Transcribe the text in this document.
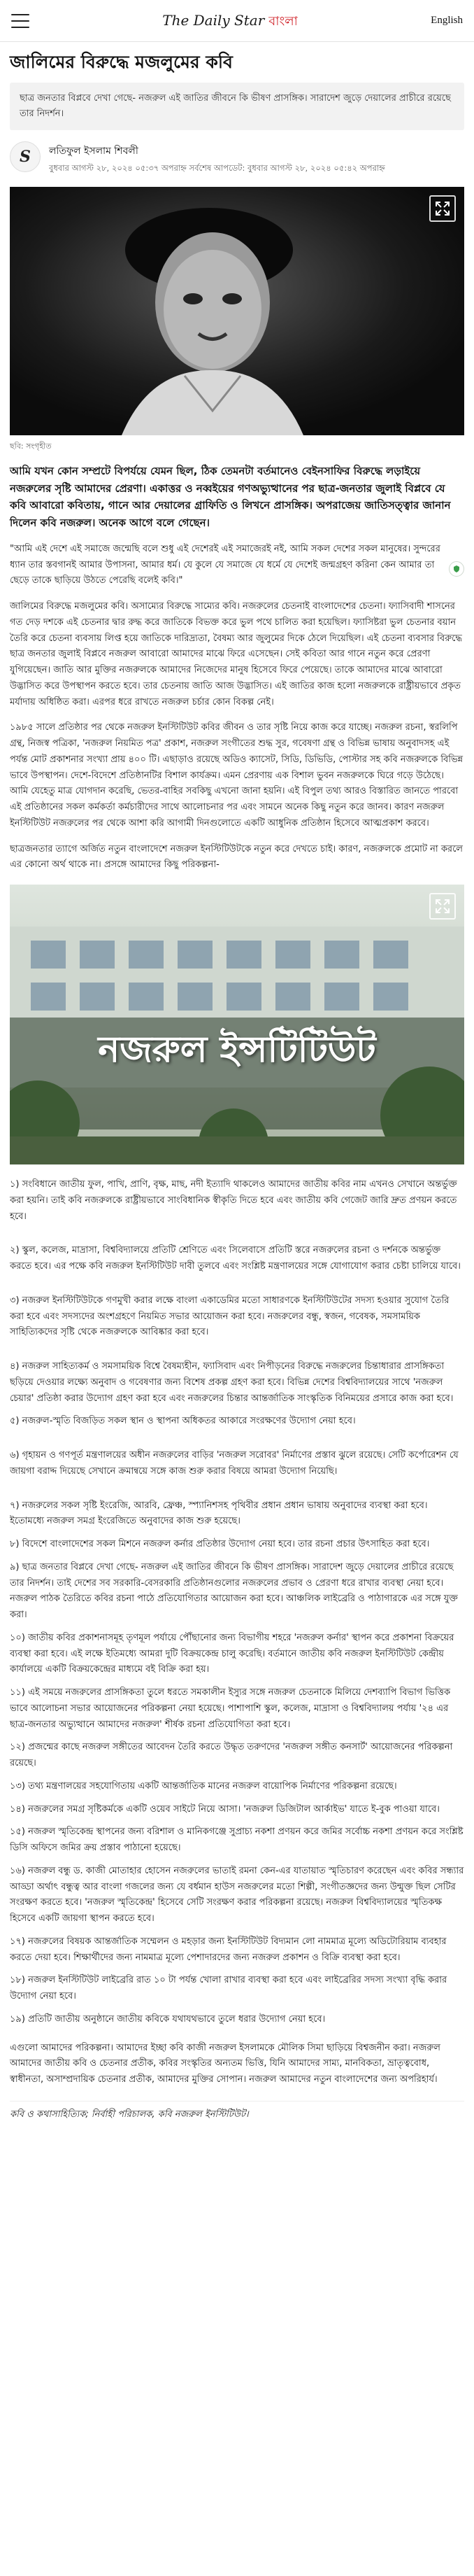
The Daily Star বাংলা	English
জালিমের বিরুদ্ধে মজলুমের কবি
ছাত্র জনতার বিপ্লবে দেখা গেছে- নজরুল এই জাতির জীবনে কি ভীষণ প্রাসঙ্গিক। সারাদেশ জুড়ে দেয়ালের প্রাচীরে রয়েছে তার নিদর্শন।
S	লতিফুল ইসলাম শিবলী
বুধবার আগস্ট ২৮, ২০২৪ ০৫:৩৭ অপরাহ্ন সর্বশেষ আপডেট: বুধবার আগস্ট ২৮, ২০২৪ ০৫:৪২ অপরাহ্ন
ছবি: সংগৃহীত

আমি যখন কোন সম্প্রটে বিপর্যয়ে যেমন ছিল, ঠিক তেমনটা বর্তমানেও বেইনসাফির বিরুদ্ধে লড়াইয়ে নজরুলের সৃষ্টি আমাদের প্রেরণা। একাত্তর ও নব্বইয়ের গণঅভ্যুত্থানের পর ছাত্র-জনতার জুলাই বিপ্লবে যে কবি আবারো কবিতায়, গানে আর দেয়ালের গ্রাফিতি ও লিখনে প্রাসঙ্গিক। অপরাজেয় জাতিসত্ত্বার জানান দিলেন কবি নজরুল। অনেক আগে বলে গেছেন।

"আমি এই দেশে এই সমাজে জন্মেছি বলে শুধু এই দেশেরই এই সমাজেরই নই, আমি সকল দেশের সকল মানুষের। সুন্দরের ধ্যান তার স্তবগানই আমার উপাসনা, আমার ধর্ম। যে কুলে যে সমাজে যে ধর্মে যে দেশেই জন্মগ্রহণ করিনা কেন আমার তা ছেড়ে তাকে ছাড়িয়ে উঠতে পেরেছি বলেই কবি।"

জালিমের বিরুদ্ধে মজলুমের কবি। অসাম্যের বিরুদ্ধে সাম্যের কবি। নজরুলের চেতনাই বাংলাদেশের চেতনা। ফ্যাসিবাদী শাসনের গত দেড় দশকে এই চেতনার দ্বার রুদ্ধ করে জাতিকে বিভক্ত করে ভুল পথে চালিত করা হয়েছিল। ফ্যাসিষ্টরা ভুল চেতনার বয়ান তৈরি করে চেতনা ব্যবসায় লিপ্ত হয়ে জাতিকে দারিদ্র্যতা, বৈষম্য আর জুলুমের দিকে ঠেলে দিয়েছিল। এই চেতনা ব্যবসার বিরুদ্ধে ছাত্র জনতার জুলাই বিপ্লবে নজরুল আবারো আমাদের মাঝে ফিরে এসেছেন। সেই কবিতা আর গানে নতুন করে প্রেরণা যুগিয়েছেন। জাতি আর মুক্তির নজরুলকে আমাদের নিজেদের মানুষ হিসেবে ফিরে পেয়েছে। তাকে আমাদের মাঝে আবারো উদ্ভাসিত করে উপস্থাপন করতে হবে। তার চেতনায় জাতি আজ উদ্ভাসিত। এই জাতির কাজ হলো নজরুলকে রাষ্ট্রীয়ভাবে প্রকৃত মর্যাদায় অধিষ্ঠিত করা। এরপর ধরে রাখতে নজরুল চর্চার কোন বিকল্প নেই।

১৯৮৫ সালে প্রতিষ্ঠার পর থেকে নজরুল ইনস্টিটিউট কবির জীবন ও তার সৃষ্টি নিয়ে কাজ করে যাচ্ছে। নজরুল রচনা, স্বরলিপি গ্রন্থ, নিজস্ব পত্রিকা, 'নজরুল নিয়মিত পত্র' প্রকাশ, নজরুল সংগীতের শুদ্ধ সুর, গবেষণা গ্রন্থ ও বিভিন্ন ভাষায় অনুবাদসহ এই পর্যন্ত মোট প্রকাশনার সংখ্যা প্রায় ৪০০ টি। এছাড়াও রয়েছে অডিও ক্যাসেট, সিডি, ডিভিডি, পোস্টার সহ কবি নজরুলকে বিভিন্ন ভাবে উপস্থাপন। দেশে-বিদেশে প্রতিষ্ঠানটির বিশাল কার্যক্রম। এমন প্রেরণায় এক বিশাল ভুবন নজরুলকে ঘিরে গড়ে উঠেছে। আমি যেহেতু মাত্র যোগদান করেছি, ভেতর-বাহির সবকিছু এখনো জানা হয়নি। এই বিপুল তথ্য আরও বিস্তারিত জানতে পারবো এই প্রতিষ্ঠানের সকল কর্মকর্তা কর্মচারীদের সাথে আলোচনার পর এবং সামনে অনেক কিছু নতুন করে জানব। কারণ নজরুল ইনস্টিটিউট নজরুলের পর থেকে আশা করি আগামী দিনগুলোতে একটি আধুনিক প্রতিষ্ঠান হিসেবে আত্মপ্রকাশ করবে।

ছাত্রজনতার ত্যাগে অর্জিত নতুন বাংলাদেশে নজরুল ইনস্টিটিউটকে নতুন করে দেখতে চাই। কারণ, নজরুলকে প্রমোট না করলে এর কোনো অর্থ থাকে না। প্রসঙ্গে আমাদের কিছু পরিকল্পনা-

নজরুল ইন্সটিটিউট

১) সংবিধানে জাতীয় ফুল, পাখি, প্রাণি, বৃক্ষ, মাছ, নদী ইত্যাদি থাকলেও আমাদের জাতীয় কবির নাম এখনও সেখানে অন্তর্ভুক্ত করা হয়নি। তাই কবি নজরুলকে রাষ্ট্রীয়ভাবে সাংবিধানিক স্বীকৃতি দিতে হবে এবং জাতীয় কবি গেজেট জারি দ্রুত প্রণয়ন করতে হবে।

২) স্কুল, কলেজ, মাদ্রাসা, বিশ্ববিদ্যালয়ে প্রতিটি শ্রেণিতে এবং সিলেবাসে প্রতিটি স্তরে নজরুলের রচনা ও দর্শনকে অন্তর্ভুক্ত করতে হবে। এর পক্ষে কবি নজরুল ইনস্টিটিউট দাবী তুলবে এবং সংশ্লিষ্ট মন্ত্রণালয়ের সঙ্গে যোগাযোগ করার চেষ্টা চালিয়ে যাবে।

৩) নজরুল ইনস্টিটিউটকে গণমুখী করার লক্ষে বাংলা একাডেমির মতো সাধারণকে ইনস্টিটিউটের সদস্য হওয়ার সুযোগ তৈরি করা হবে এবং সদস্যদের অংশগ্রহণে নিয়মিত সভার আয়োজন করা হবে। নজরুলের বন্ধু, স্বজন, গবেষক, সমসাময়িক সাহিত্যিকদের সৃষ্টি থেকে নজরুলকে আবিষ্কার করা হবে।

৪) নজরুল সাহিত্যকর্ম ও সমসাময়িক বিশ্বে বৈষম্যহীন, ফ্যাসিবাদ এবং নিপীড়নের বিরুদ্ধে নজরুলের চিন্তাধারার প্রাসঙ্গিকতা ছড়িয়ে দেওয়ার লক্ষ্যে অনুবাদ ও গবেষণার জন্য বিশেষ প্রকল্প গ্রহণ করা হবে। বিভিন্ন দেশের বিশ্ববিদ্যালয়ের সাথে 'নজরুল চেয়ার' প্রতিষ্ঠা করার উদ্যোগ গ্রহণ করা হবে এবং নজরুলের চিন্তার আন্তর্জাতিক সাংস্কৃতিক বিনিময়ের প্রসারে কাজ করা হবে।

৫) নজরুল-স্মৃতি বিজড়িত সকল স্থান ও স্থাপনা অধিকতর আকারে সংরক্ষণের উদ্যোগ নেয়া হবে।

৬) গৃহায়ন ও গণপূর্ত মন্ত্রণালয়ের অধীন নজরুলের বাড়ির 'নজরুল সরোবর' নির্মাণের প্রস্তাব ঝুলে রয়েছে। সেটি কর্পোরেশন যে জায়গা বরাদ্দ দিয়েছে সেখানে ক্রমান্বয়ে সঙ্গে কাজ শুরু করার বিষয়ে আমরা উদ্যোগ নিয়েছি।

৭) নজরুলের সকল সৃষ্টি ইংরেজি, আরবি, ফ্রেঞ্চ, স্প্যানিশসহ পৃথিবীর প্রধান প্রধান ভাষায় অনুবাদের ব্যবস্থা করা হবে। ইতোমধ্যে নজরুল সমগ্র ইংরেজিতে অনুবাদের কাজ শুরু হয়েছে।

৮) বিদেশে বাংলাদেশের সকল মিশনে নজরুল কর্নার প্রতিষ্ঠার উদ্যোগ নেয়া হবে। তার রচনা প্রচার উৎসাহিত করা হবে।

৯) ছাত্র জনতার বিপ্লবে দেখা গেছে- নজরুল এই জাতির জীবনে কি ভীষণ প্রাসঙ্গিক। সারাদেশ জুড়ে দেয়ালের প্রাচীরে রয়েছে তার নিদর্শন। তাই দেশের সব সরকারি-বেসরকারি প্রতিষ্ঠানগুলোর নজরুলের প্রভাব ও প্রেরণা ধরে রাখার ব্যবস্থা নেয়া হবে। নজরুল পাঠক তৈরিতে কবির রচনা পাঠে প্রতিযোগিতার আয়োজন করা হবে। আঞ্চলিক লাইব্রেরি ও পাঠাগারকে এর সঙ্গে যুক্ত করা।

১০) জাতীয় কবির প্রকাশনাসমূহ তৃণমূল পর্যায়ে পৌঁছানোর জন্য বিভাগীয় শহরে 'নজরুল কর্নার' স্থাপন করে প্রকাশনা বিক্রয়ের ব্যবস্থা করা হবে। এই লক্ষে ইতিমধ্যে আমরা দুটি বিক্রয়কেন্দ্র চালু করেছি। বর্তমানে জাতীয় কবি নজরুল ইনস্টিটিউট কেন্দ্রীয় কার্যালয়ে একটি বিক্রয়কেন্দ্রের মাধ্যমে বই বিক্রি করা হয়।

১১) এই সময়ে নজরুলের প্রাসঙ্গিকতা তুলে ধরতে সমকালীন ইস্যুর সঙ্গে নজরুল চেতনাকে মিলিয়ে দেশব্যাপি বিভাগ ভিত্তিক ভাবে আলোচনা সভার আয়োজনের পরিকল্পনা নেয়া হয়েছে। পাশাপাশি স্কুল, কলেজ, মাদ্রাসা ও বিশ্ববিদ্যালয় পর্যায় '২৪ এর ছাত্র-জনতার অভ্যুত্থানে আমাদের নজরুল' শীর্ষক রচনা প্রতিযোগিতা করা হবে।

১২) প্রজন্মের কাছে নজরুল সঙ্গীতের আবেদন তৈরি করতে উদ্ধৃত তরুণদের 'নজরুল সঙ্গীত কনসার্ট' আয়োজনের পরিকল্পনা রয়েছে।

১৩) তথ্য মন্ত্রণালয়ের সহযোগিতায় একটি আন্তর্জাতিক মানের নজরুল বায়োপিক নির্মাণের পরিকল্পনা রয়েছে।

১৪) নজরুলের সমগ্র সৃষ্টিকর্মকে একটি ওয়েব সাইটে নিয়ে আসা। 'নজরুল ডিজিটাল আর্কাইভ' যাতে ই-বুক পাওয়া যাবে।

১৫) নজরুল স্মৃতিকেন্দ্র স্থাপনের জন্য বরিশাল ও মানিকগঞ্জে সুপ্রাচ্য নকশা প্রণয়ন করে জমির সর্বোচ্চ নকশা প্রণয়ন করে সংশ্লিষ্ট ডিসি অফিসে জমির ক্রয় প্রস্তাব পাঠানো হয়েছে।

১৬) নজরুল বন্ধু ড. কাজী মোতাহার হোসেন নজরুলের ভাতাই রমনা কেন-এর যাতায়াত স্মৃতিচারণ করেছেন এবং কবির সন্ধ্যার আড্ডা অর্থাৎ বন্ধুত্ব আর বাংলা গজলের জন্য যে বর্ধমান হাউস নজরুলের মতো শিল্পী, সংগীতজ্ঞদের জন্য উন্মুক্ত ছিল সেটির সংরক্ষণ করতে হবে। 'নজরুল স্মৃতিকেন্দ্র' হিসেবে সেটি সংরক্ষণ করার পরিকল্পনা রয়েছে। নজরুল বিশ্ববিদ্যালয়ের স্মৃতিকক্ষ হিসেবে একটি জায়গা স্থাপন করতে হবে।

১৭) নজরুলের বিষয়ক আন্তর্জাতিক সম্মেলন ও মহড়ার জন্য ইনস্টিটিউট বিদ্যমান লো নামমাত্র মূল্যে অডিটোরিয়াম ব্যবহার করতে দেয়া হবে। শিক্ষার্থীদের জন্য নামমাত্র মূল্যে পেশাদারদের জন্য নজরুল প্রকাশন ও বিক্রি ব্যবস্থা করা হবে।

১৮) নজরুল ইনস্টিটিউট লাইব্রেরি রাত ১০ টা পর্যন্ত খোলা রাখার ব্যবস্থা করা হবে এবং লাইব্রেরির সদস্য সংখ্যা বৃদ্ধি করার উদ্যোগ নেয়া হবে।

১৯) প্রতিটি জাতীয় অনুষ্ঠানে জাতীয় কবিকে যথাযথভাবে তুলে ধরার উদ্যোগ নেয়া হবে।

এগুলো আমাদের পরিকল্পনা। আমাদের ইচ্ছা কবি কাজী নজরুল ইসলামকে মৌলিক সিমা ছাড়িয়ে বিশ্বজনীন করা। নজরুল আমাদের জাতীয় কবি ও চেতনার প্রতীক, কবির সংস্কৃতির অন্যতম ভিত্তি, যিনি আমাদের সাম্য, মানবিকতা, ভ্রাতৃত্ববোধ, স্বাধীনতা, অসাম্প্রদায়িক চেতনার প্রতীক, আমাদের মুক্তির সোপান। নজরুল আমাদের নতুন বাংলাদেশের জন্য অপরিহার্য।

কবি ও কথাসাহিত্যিক; নির্বাহী পরিচালক, কবি নজরুল ইনস্টিটিউট।
